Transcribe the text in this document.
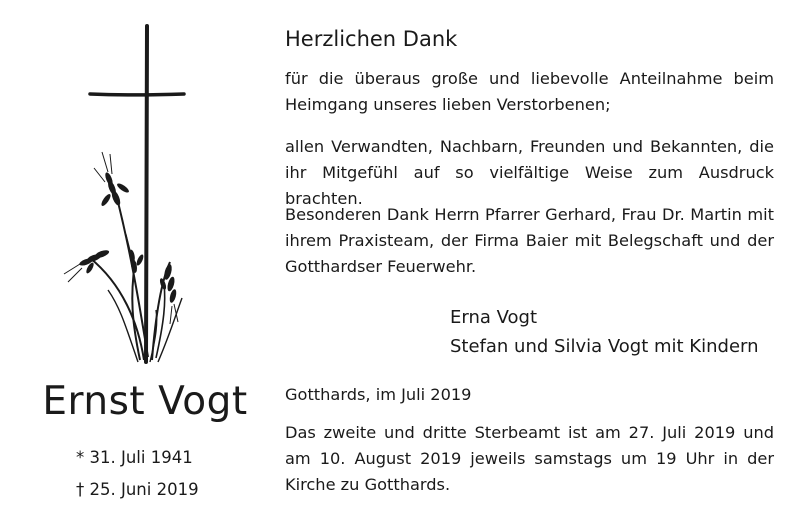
Ernst Vogt
* 31. Juli 1941
† 25. Juni 2019
Herzlichen Dank
für die überaus große und liebevolle Anteilnahme beim Heimgang unseres lieben Verstorbenen;
allen Verwandten, Nachbarn, Freunden und Bekannten, die ihr Mitgefühl auf so vielfältige Weise zum Ausdruck brachten.
Besonderen Dank Herrn Pfarrer Gerhard, Frau Dr. Martin mit ihrem Praxisteam, der Firma Baier mit Belegschaft und der Gotthardser Feuerwehr.
Erna Vogt
Stefan und Silvia Vogt mit Kindern
Gotthards, im Juli 2019
Das zweite und dritte Sterbeamt ist am 27. Juli 2019 und am 10. August 2019 jeweils samstags um 19 Uhr in der Kirche zu Gotthards.
